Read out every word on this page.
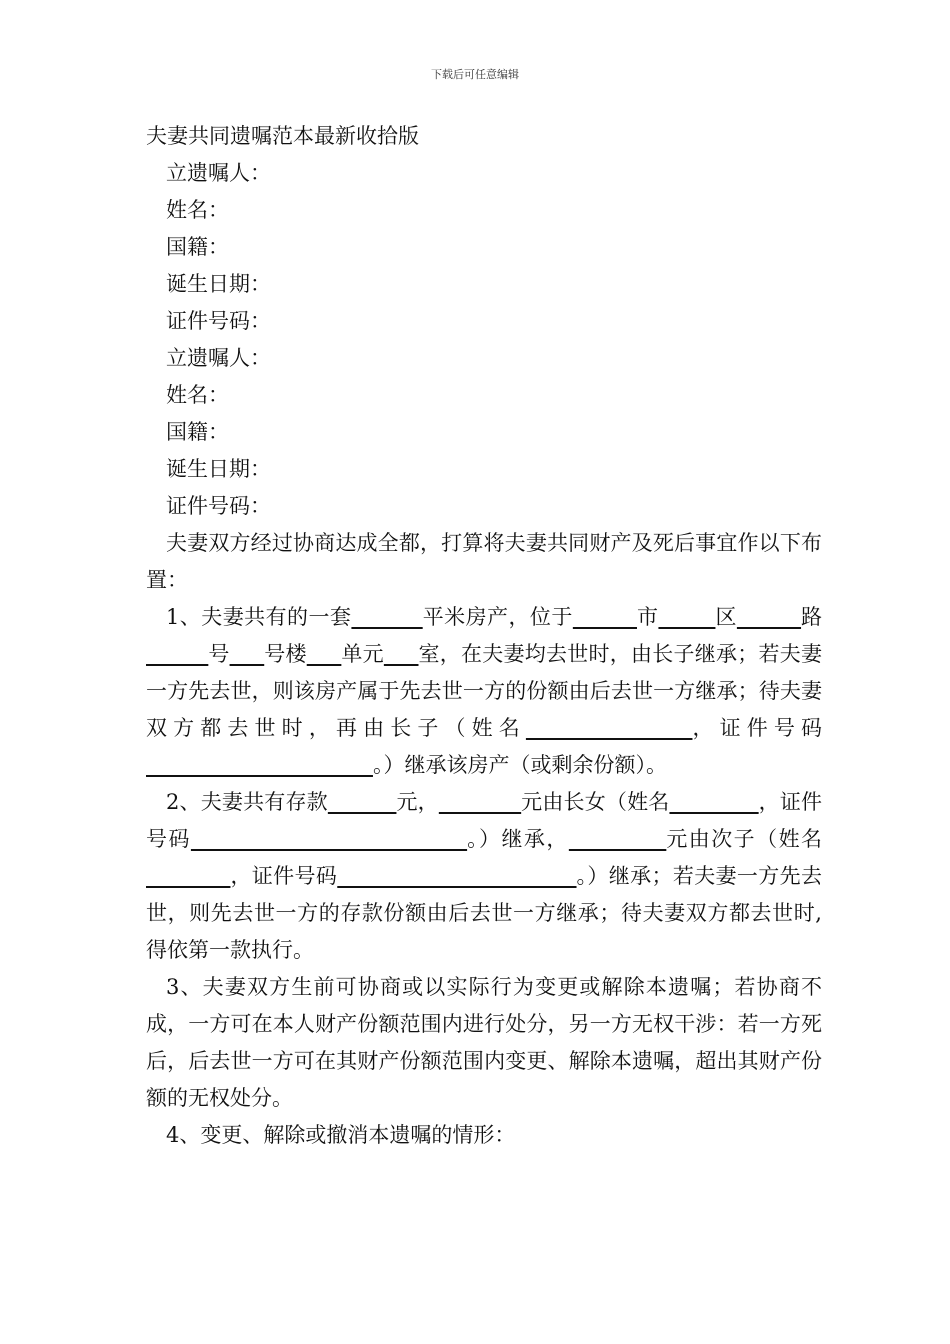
下载后可任意编辑
夫妻共同遗嘱范本最新收拾版
立遗嘱人：
姓名：
国籍：
诞生日期：
证件号码：
立遗嘱人：
姓名：
国籍：
诞生日期：
证件号码：

夫妻双方经过协商达成全都，打算将夫妻共同财产及死后事宜作以下布置：

1、夫妻共有的一套	平米房产，位于	市	区	路         号 号楼 单元 室，在夫妻均去世时，由长子继承；若夫妻一方先去世，则该房产属于先去世一方的份额由后去世一方继承；待夫妻双方都去世时，再由长子（姓名	，证件号码                                  。）继承该房产（或剩余份额）。

2、夫妻共有存款	元，	元由长女（姓名	，证件号码	。）继承，	元由次子（姓名            ，证件号码	。）继承；若夫妻一方先去世，则先去世一方的存款份额由后去世一方继承；待夫妻双方都去世时,得依第一款执行。

3、夫妻双方生前可协商或以实际行为变更或解除本遗嘱；若协商不成，一方可在本人财产份额范围内进行处分，另一方无权干涉：若一方死后，后去世一方可在其财产份额范围内变更、解除本遗嘱，超出其财产份额的无权处分。

4、变更、解除或撤消本遗嘱的情形：
